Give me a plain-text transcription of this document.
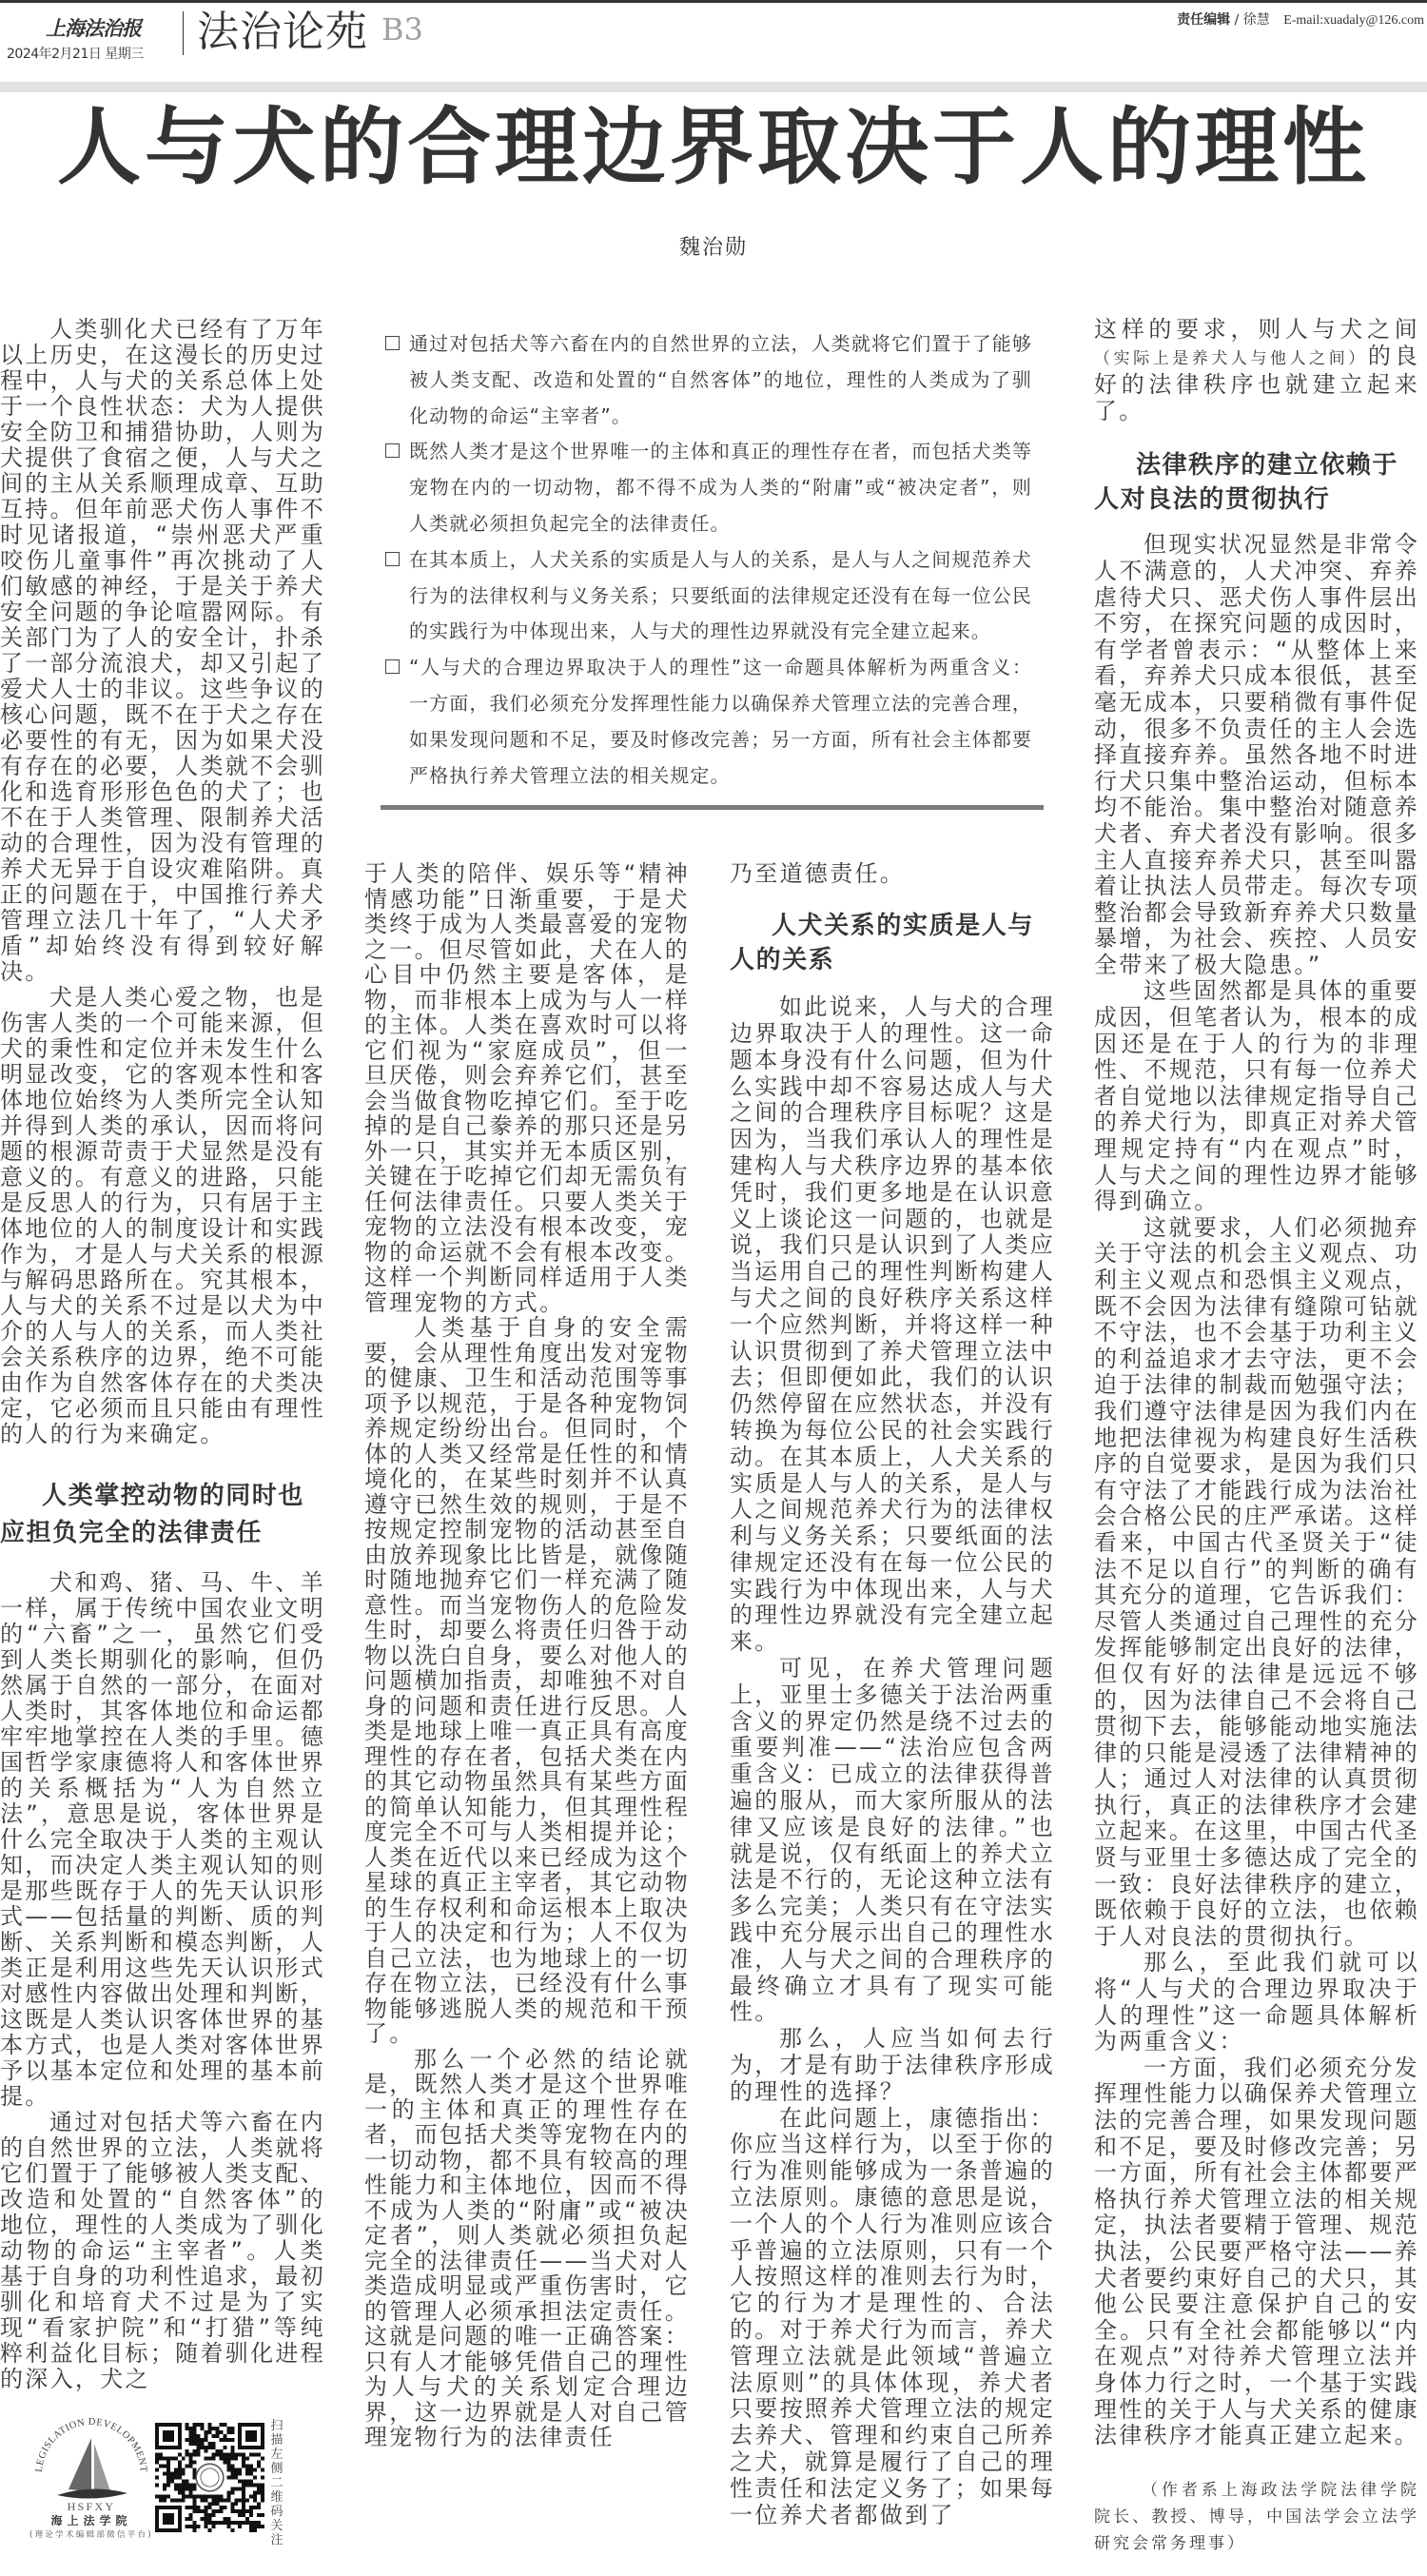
上海法治报
2024年2月21日 星期三 法治论苑 B3	责任编辑 / 徐慧 E-mail:xuadaly@126.com
人与犬的合理边界取决于人的理性
魏治勋

人类驯化犬已经有了万年以上历史，在这漫长的历史过程中，人与犬的关系总体上处于一个良性状态：犬为人提供安全防卫和捕猎协助，人则为犬提供了食宿之便，人与犬之间的主从关系顺理成章、互助互持。但年前恶犬伤人事件不时见诸报道，“崇州恶犬严重咬伤儿童事件”再次挑动了人们敏感的神经，于是关于养犬安全问题的争论喧嚣网际。有关部门为了人的安全计，扑杀了一部分流浪犬，却又引起了爱犬人士的非议。这些争议的核心问题，既不在于犬之存在必要性的有无，因为如果犬没有存在的必要，人类就不会驯化和选育形形色色的犬了；也不在于人类管理、限制养犬活动的合理性，因为没有管理的养犬无异于自设灾难陷阱。真正的问题在于，中国推行养犬管理立法几十年了，“人犬矛盾”却始终没有得到较好解决。

犬是人类心爱之物，也是伤害人类的一个可能来源，但犬的秉性和定位并未发生什么明显改变，它的客观本性和客体地位始终为人类所完全认知并得到人类的承认，因而将问题的根源苛责于犬显然是没有意义的。有意义的进路，只能是反思人的行为，只有居于主体地位的人的制度设计和实践作为，才是人与犬关系的根源与解码思路所在。究其根本，人与犬的关系不过是以犬为中介的人与人的关系，而人类社会关系秩序的边界，绝不可能由作为自然客体存在的犬类决定，它必须而且只能由有理性的人的行为来确定。

人类掌控动物的同时也应担负完全的法律责任

犬和鸡、猪、马、牛、羊一样，属于传统中国农业文明的“六畜”之一，虽然它们受到人类长期驯化的影响，但仍然属于自然的一部分，在面对人类时，其客体地位和命运都牢牢地掌控在人类的手里。德国哲学家康德将人和客体世界的关系概括为“人为自然立法”，意思是说，客体世界是什么完全取决于人类的主观认知，而决定人类主观认知的则是那些既存于人的先天认识形式——包括量的判断、质的判断、关系判断和模态判断，人类正是利用这些先天认识形式对感性内容做出处理和判断，这既是人类认识客体世界的基本方式，也是人类对客体世界予以基本定位和处理的基本前提。

通过对包括犬等六畜在内的自然世界的立法，人类就将它们置于了能够被人类支配、改造和处置的“自然客体”的地位，理性的人类成为了驯化动物的命运“主宰者”。人类基于自身的功利性追求，最初驯化和培育犬不过是为了实现“看家护院”和“打猎”等纯粹利益化目标；随着驯化进程的深入，犬之

LEGISLATION DEVELOPMENT
HSFXY
海上法学院
(理论学术编辑部微信平台)
扫描左侧二维码关注
通过对包括犬等六畜在内的自然世界的立法，人类就将它们置于了能够被人类支配、改造和处置的“自然客体”的地位，理性的人类成为了驯化动物的命运“主宰者”。
既然人类才是这个世界唯一的主体和真正的理性存在者，而包括犬类等宠物在内的一切动物，都不得不成为人类的“附庸”或“被决定者”，则人类就必须担负起完全的法律责任。
在其本质上，人犬关系的实质是人与人的关系，是人与人之间规范养犬行为的法律权利与义务关系；只要纸面的法律规定还没有在每一位公民的实践行为中体现出来，人与犬的理性边界就没有完全建立起来。
“人与犬的合理边界取决于人的理性”这一命题具体解析为两重含义：一方面，我们必须充分发挥理性能力以确保养犬管理立法的完善合理，如果发现问题和不足，要及时修改完善；另一方面，所有社会主体都要严格执行养犬管理立法的相关规定。

于人类的陪伴、娱乐等“精神情感功能”日渐重要，于是犬类终于成为人类最喜爱的宠物之一。但尽管如此，犬在人的心目中仍然主要是客体，是物，而非根本上成为与人一样的主体。人类在喜欢时可以将它们视为“家庭成员”，但一旦厌倦，则会弃养它们，甚至会当做食物吃掉它们。至于吃掉的是自己豢养的那只还是另外一只，其实并无本质区别，关键在于吃掉它们却无需负有任何法律责任。只要人类关于宠物的立法没有根本改变，宠物的命运就不会有根本改变。这样一个判断同样适用于人类管理宠物的方式。

人类基于自身的安全需要，会从理性角度出发对宠物的健康、卫生和活动范围等事项予以规范，于是各种宠物饲养规定纷纷出台。但同时，个体的人类又经常是任性的和情境化的，在某些时刻并不认真遵守已然生效的规则，于是不按规定控制宠物的活动甚至自由放养现象比比皆是，就像随时随地抛弃它们一样充满了随意性。而当宠物伤人的危险发生时，却要么将责任归咎于动物以洗白自身，要么对他人的问题横加指责，却唯独不对自身的问题和责任进行反思。人类是地球上唯一真正具有高度理性的存在者，包括犬类在内的其它动物虽然具有某些方面的简单认知能力，但其理性程度完全不可与人类相提并论；人类在近代以来已经成为这个星球的真正主宰者，其它动物的生存权利和命运根本上取决于人的决定和行为；人不仅为自己立法，也为地球上的一切存在物立法，已经没有什么事物能够逃脱人类的规范和干预了。

那么一个必然的结论就是，既然人类才是这个世界唯一的主体和真正的理性存在者，而包括犬类等宠物在内的一切动物，都不具有较高的理性能力和主体地位，因而不得不成为人类的“附庸”或“被决定者”，则人类就必须担负起完全的法律责任——当犬对人类造成明显或严重伤害时，它的管理人必须承担法定责任。这就是问题的唯一正确答案：只有人才能够凭借自己的理性为人与犬的关系划定合理边界，这一边界就是人对自己管理宠物行为的法律责任

乃至道德责任。

人犬关系的实质是人与人的关系

如此说来，人与犬的合理边界取决于人的理性。这一命题本身没有什么问题，但为什么实践中却不容易达成人与犬之间的合理秩序目标呢？这是因为，当我们承认人的理性是建构人与犬秩序边界的基本依凭时，我们更多地是在认识意义上谈论这一问题的，也就是说，我们只是认识到了人类应当运用自己的理性判断构建人与犬之间的良好秩序关系这样一个应然判断，并将这样一种认识贯彻到了养犬管理立法中去；但即便如此，我们的认识仍然停留在应然状态，并没有转换为每位公民的社会实践行动。在其本质上，人犬关系的实质是人与人的关系，是人与人之间规范养犬行为的法律权利与义务关系；只要纸面的法律规定还没有在每一位公民的实践行为中体现出来，人与犬的理性边界就没有完全建立起来。

可见，在养犬管理问题上，亚里士多德关于法治两重含义的界定仍然是绕不过去的重要判准——“法治应包含两重含义：已成立的法律获得普遍的服从，而大家所服从的法律又应该是良好的法律。”也就是说，仅有纸面上的养犬立法是不行的，无论这种立法有多么完美；人类只有在守法实践中充分展示出自己的理性水准，人与犬之间的合理秩序的最终确立才具有了现实可能性。

那么，人应当如何去行为，才是有助于法律秩序形成的理性的选择？

在此问题上，康德指出：你应当这样行为，以至于你的行为准则能够成为一条普遍的立法原则。康德的意思是说，一个人的个人行为准则应该合乎普遍的立法原则，只有一个人按照这样的准则去行为时，它的行为才是理性的、合法的。对于养犬行为而言，养犬管理立法就是此领域“普遍立法原则”的具体体现，养犬者只要按照养犬管理立法的规定去养犬、管理和约束自己所养之犬，就算是履行了自己的理性责任和法定义务了；如果每一位养犬者都做到了

这样的要求，则人与犬之间（实际上是养犬人与他人之间）的良好的法律秩序也就建立起来了。

法律秩序的建立依赖于人对良法的贯彻执行

但现实状况显然是非常令人不满意的，人犬冲突、弃养虐待犬只、恶犬伤人事件层出不穷，在探究问题的成因时，有学者曾表示：“从整体上来看，弃养犬只成本很低，甚至毫无成本，只要稍微有事件促动，很多不负责任的主人会选择直接弃养。虽然各地不时进行犬只集中整治运动，但标本均不能治。集中整治对随意养犬者、弃犬者没有影响。很多主人直接弃养犬只，甚至叫嚣着让执法人员带走。每次专项整治都会导致新弃养犬只数量暴增，为社会、疾控、人员安全带来了极大隐患。”

这些固然都是具体的重要成因，但笔者认为，根本的成因还是在于人的行为的非理性、不规范，只有每一位养犬者自觉地以法律规定指导自己的养犬行为，即真正对养犬管理规定持有“内在观点”时，人与犬之间的理性边界才能够得到确立。

这就要求，人们必须抛弃关于守法的机会主义观点、功利主义观点和恐惧主义观点，既不会因为法律有缝隙可钻就不守法，也不会基于功利主义的利益追求才去守法，更不会迫于法律的制裁而勉强守法；我们遵守法律是因为我们内在地把法律视为构建良好生活秩序的自觉要求，是因为我们只有守法了才能践行成为法治社会合格公民的庄严承诺。这样看来，中国古代圣贤关于“徒法不足以自行”的判断的确有其充分的道理，它告诉我们：尽管人类通过自己理性的充分发挥能够制定出良好的法律，但仅有好的法律是远远不够的，因为法律自己不会将自己贯彻下去，能够能动地实施法律的只能是浸透了法律精神的人；通过人对法律的认真贯彻执行，真正的法律秩序才会建立起来。在这里，中国古代圣贤与亚里士多德达成了完全的一致：良好法律秩序的建立，既依赖于良好的立法，也依赖于人对良法的贯彻执行。

那么，至此我们就可以将“人与犬的合理边界取决于人的理性”这一命题具体解析为两重含义：

一方面，我们必须充分发挥理性能力以确保养犬管理立法的完善合理，如果发现问题和不足，要及时修改完善；另一方面，所有社会主体都要严格执行养犬管理立法的相关规定，执法者要精于管理、规范执法，公民要严格守法——养犬者要约束好自己的犬只，其他公民要注意保护自己的安全。只有全社会都能够以“内在观点”对待养犬管理立法并身体力行之时，一个基于实践理性的关于人与犬关系的健康法律秩序才能真正建立起来。

（作者系上海政法学院法律学院院长、教授、博导，中国法学会立法学研究会常务理事）
